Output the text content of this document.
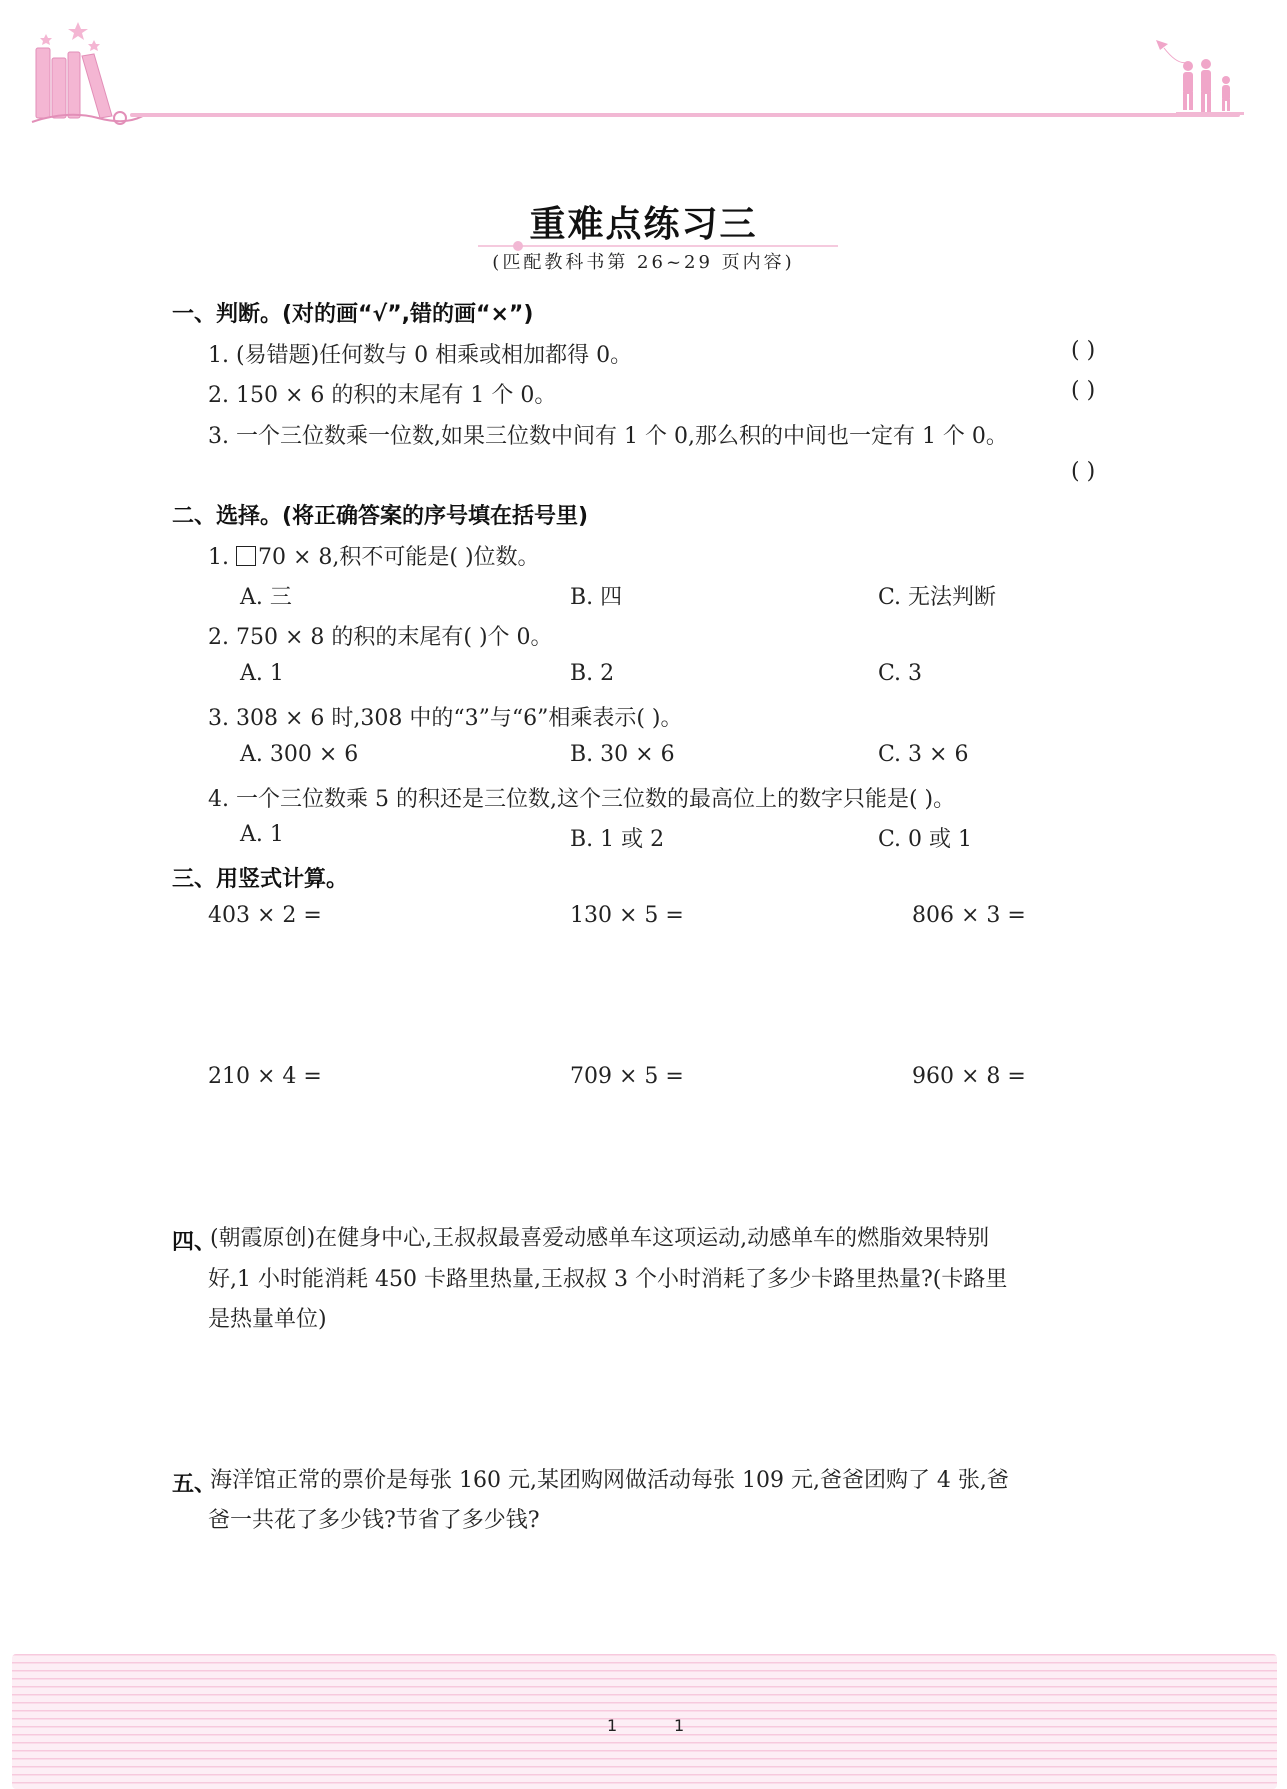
重难点练习三
(匹配教科书第 26~29 页内容)
一、判断。(对的画“√”,错的画“×”)
1. (易错题)任何数与 0 相乘或相加都得 0。	( )
2. 150 × 6 的积的末尾有 1 个 0。	( )
3. 一个三位数乘一位数,如果三位数中间有 1 个 0,那么积的中间也一定有 1 个 0。
( )
二、选择。(将正确答案的序号填在括号里)
1. 70 × 8,积不可能是( )位数。
A. 三	B. 四	C. 无法判断
2. 750 × 8 的积的末尾有( )个 0。
A. 1	B. 2	C. 3
3. 308 × 6 时,308 中的“3”与“6”相乘表示( )。
A. 300 × 6	B. 30 × 6	C. 3 × 6
4. 一个三位数乘 5 的积还是三位数,这个三位数的最高位上的数字只能是( )。
A. 1	B. 1 或 2	C. 0 或 1
三、用竖式计算。
403 × 2 =	130 × 5 =	806 × 3 =
210 × 4 =	709 × 5 =	960 × 8 =
四、
(朝霞原创)在健身中心,王叔叔最喜爱动感单车这项运动,动感单车的燃脂效果特别
好,1 小时能消耗 450 卡路里热量,王叔叔 3 个小时消耗了多少卡路里热量?(卡路里
是热量单位)
五、
海洋馆正常的票价是每张 160 元,某团购网做活动每张 109 元,爸爸团购了 4 张,爸
爸一共花了多少钱?节省了多少钱?
1	1
